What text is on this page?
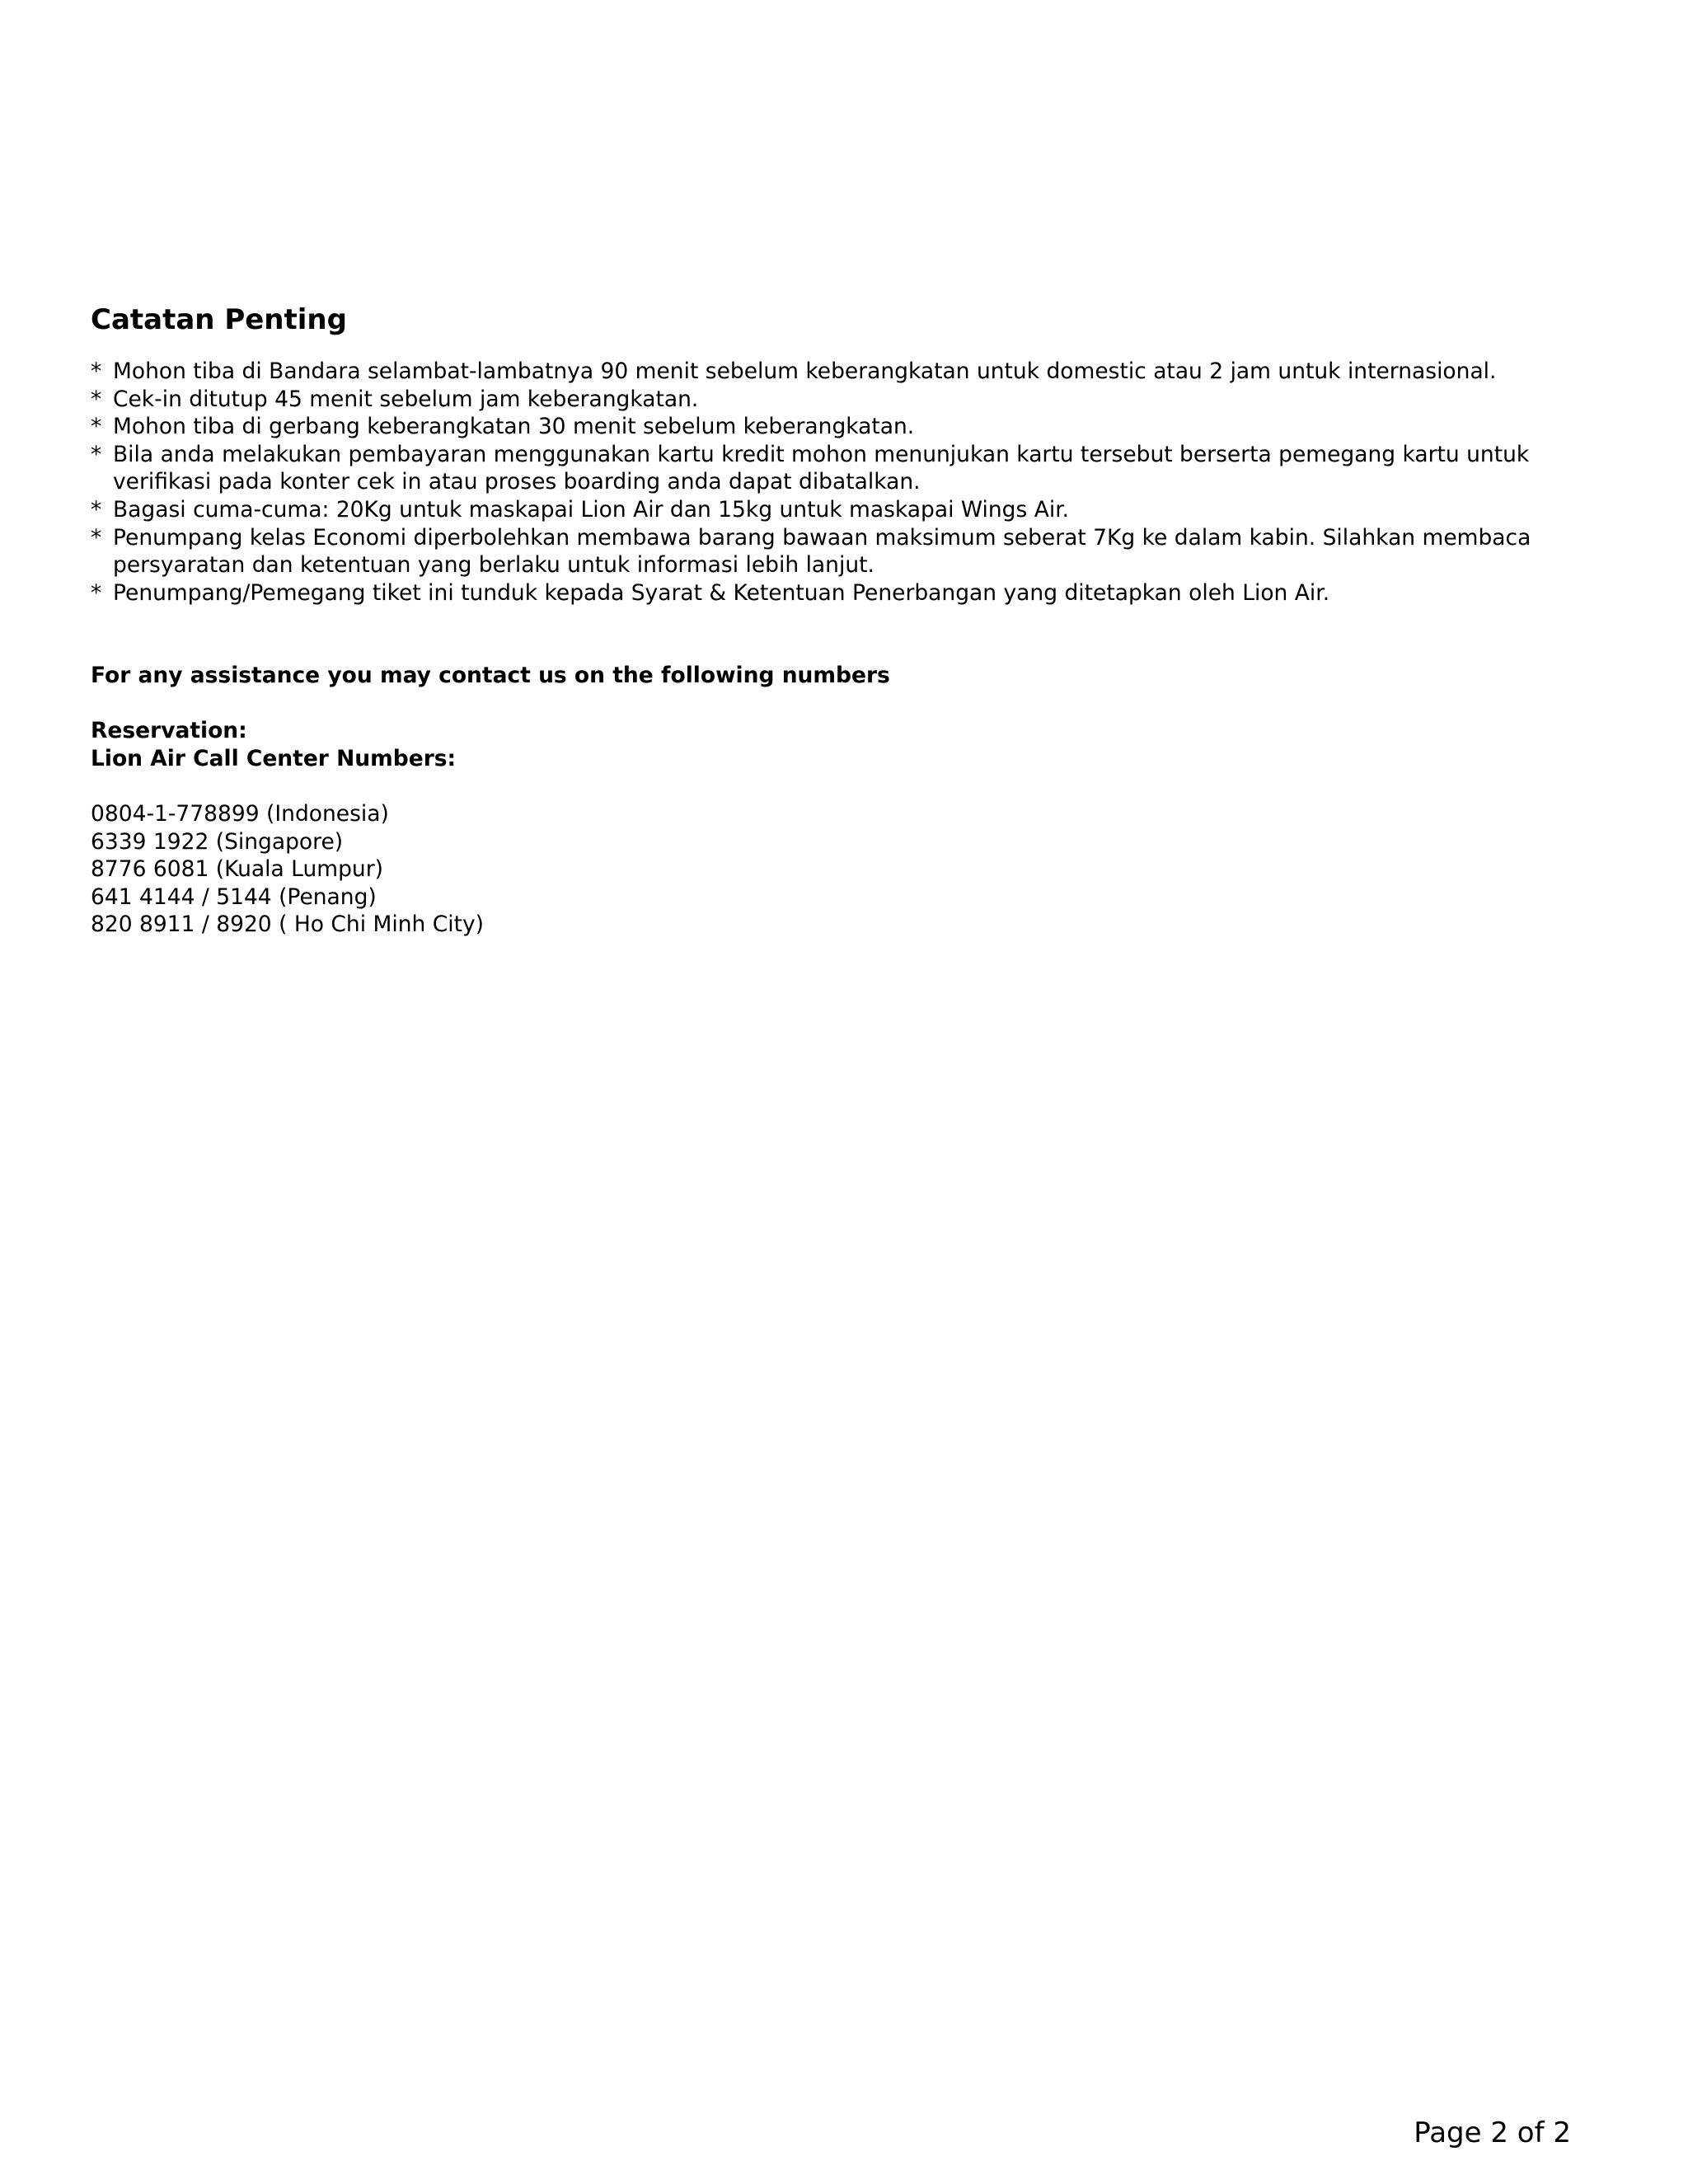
Catatan Penting
* Mohon tiba di Bandara selambat-lambatnya 90 menit sebelum keberangkatan untuk domestic atau 2 jam untuk internasional.
* Cek-in ditutup 45 menit sebelum jam keberangkatan.
* Mohon tiba di gerbang keberangkatan 30 menit sebelum keberangkatan.
* Bila anda melakukan pembayaran menggunakan kartu kredit mohon menunjukan kartu tersebut berserta pemegang kartu untuk
verifikasi pada konter cek in atau proses boarding anda dapat dibatalkan.
* Bagasi cuma-cuma: 20Kg untuk maskapai Lion Air dan 15kg untuk maskapai Wings Air.
* Penumpang kelas Economi diperbolehkan membawa barang bawaan maksimum seberat 7Kg ke dalam kabin. Silahkan membaca
persyaratan dan ketentuan yang berlaku untuk informasi lebih lanjut.
* Penumpang/Pemegang tiket ini tunduk kepada Syarat & Ketentuan Penerbangan yang ditetapkan oleh Lion Air.
For any assistance you may contact us on the following numbers
Reservation:
Lion Air Call Center Numbers:
0804-1-778899 (Indonesia)
6339 1922 (Singapore)
8776 6081 (Kuala Lumpur)
641 4144 / 5144 (Penang)
820 8911 / 8920 ( Ho Chi Minh City)
Page 2 of 2
